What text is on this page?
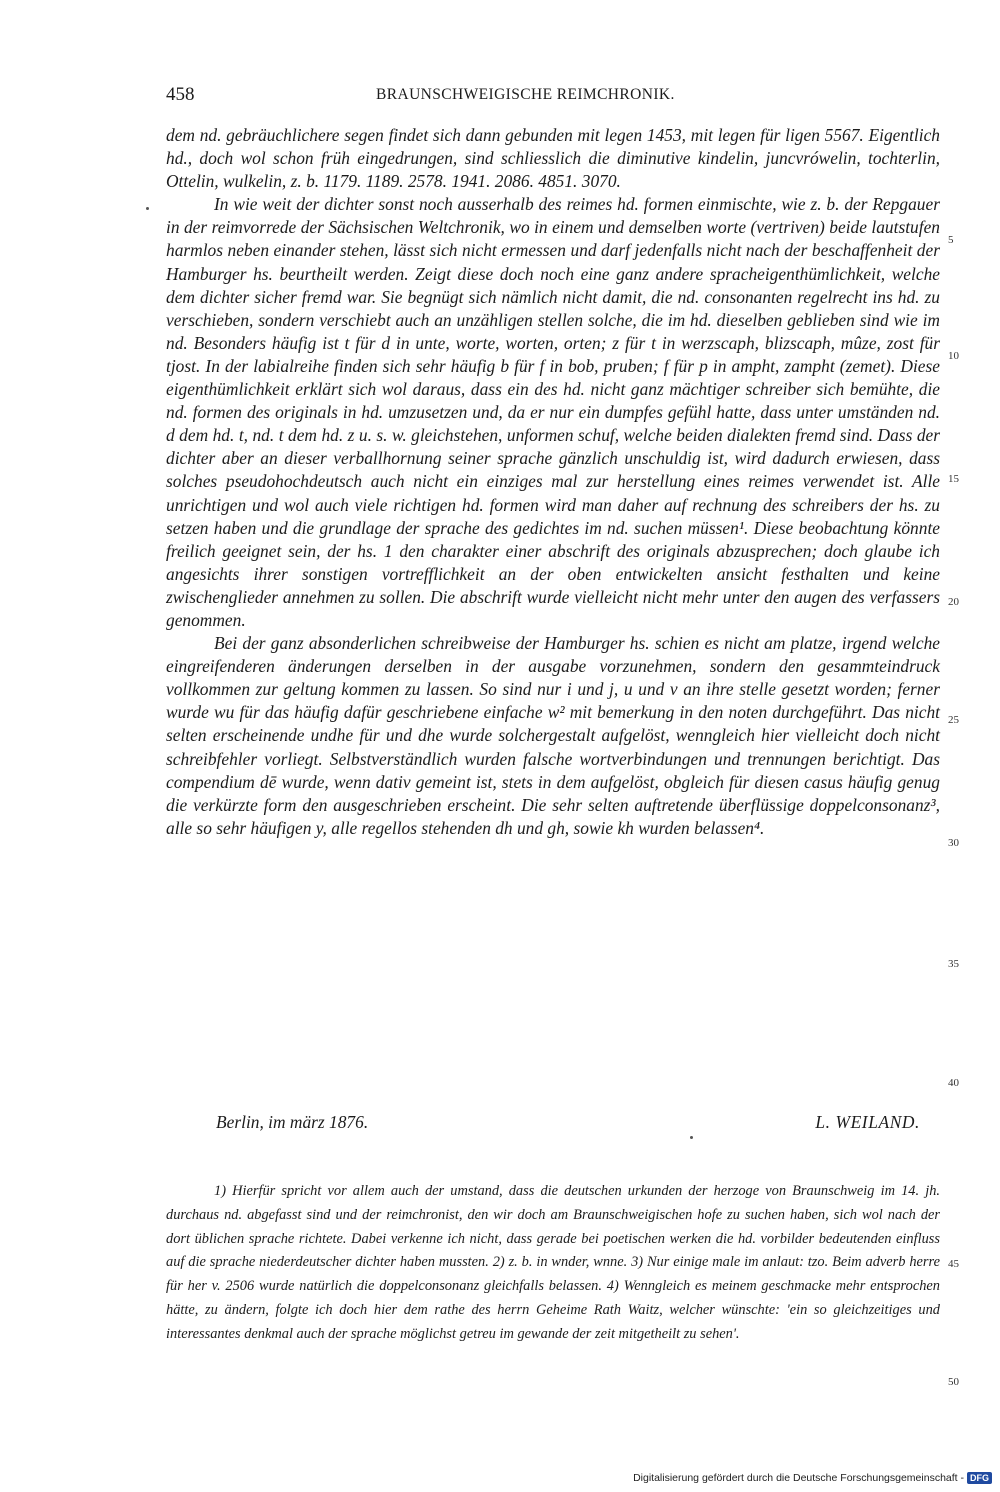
458	BRAUNSCHWEIGISCHE REIMCHRONIK.

dem nd. gebräuchlichere segen findet sich dann gebunden mit legen 1453, mit legen für ligen 5567. Eigentlich hd., doch wol schon früh eingedrungen, sind schliesslich die diminutive kindelin, juncvrówelin, tochterlin, Ottelin, wulkelin, z. b. 1179. 1189. 2578. 1941. 2086. 4851. 3070.

In wie weit der dichter sonst noch ausserhalb des reimes hd. formen einmischte, wie z. b. der Repgauer in der reimvorrede der Sächsischen Weltchronik, wo in einem und demselben worte (vertriven) beide lautstufen harmlos neben einander stehen, lässt sich nicht ermessen und darf jedenfalls nicht nach der beschaffenheit der Hamburger hs. beurtheilt werden. Zeigt diese doch noch eine ganz andere spracheigenthümlichkeit, welche dem dichter sicher fremd war. Sie begnügt sich nämlich nicht damit, die nd. consonanten regelrecht ins hd. zu verschieben, sondern verschiebt auch an unzähligen stellen solche, die im hd. dieselben geblieben sind wie im nd. Besonders häufig ist t für d in unte, worte, worten, orten; z für t in werzscaph, blizscaph, mûze, zost für tjost. In der labialreihe finden sich sehr häufig b für f in bob, pruben; f für p in ampht, zampht (zemet). Diese eigenthümlichkeit erklärt sich wol daraus, dass ein des hd. nicht ganz mächtiger schreiber sich bemühte, die nd. formen des originals in hd. umzusetzen und, da er nur ein dumpfes gefühl hatte, dass unter umständen nd. d dem hd. t, nd. t dem hd. z u. s. w. gleichstehen, unformen schuf, welche beiden dialekten fremd sind. Dass der dichter aber an dieser verballhornung seiner sprache gänzlich unschuldig ist, wird dadurch erwiesen, dass solches pseudohochdeutsch auch nicht ein einziges mal zur herstellung eines reimes verwendet ist. Alle unrichtigen und wol auch viele richtigen hd. formen wird man daher auf rechnung des schreibers der hs. zu setzen haben und die grundlage der sprache des gedichtes im nd. suchen müssen¹. Diese beobachtung könnte freilich geeignet sein, der hs. 1 den charakter einer abschrift des originals abzusprechen; doch glaube ich angesichts ihrer sonstigen vortrefflichkeit an der oben entwickelten ansicht festhalten und keine zwischenglieder annehmen zu sollen. Die abschrift wurde vielleicht nicht mehr unter den augen des verfassers genommen.

Bei der ganz absonderlichen schreibweise der Hamburger hs. schien es nicht am platze, irgend welche eingreifenderen änderungen derselben in der ausgabe vorzunehmen, sondern den gesammteindruck vollkommen zur geltung kommen zu lassen. So sind nur i und j, u und v an ihre stelle gesetzt worden; ferner wurde wu für das häufig dafür geschriebene einfache w² mit bemerkung in den noten durchgeführt. Das nicht selten erscheinende undhe für und dhe wurde solchergestalt aufgelöst, wenngleich hier vielleicht doch nicht schreibfehler vorliegt. Selbstverständlich wurden falsche wortverbindungen und trennungen berichtigt. Das compendium dē wurde, wenn dativ gemeint ist, stets in dem aufgelöst, obgleich für diesen casus häufig genug die verkürzte form den ausgeschrieben erscheint. Die sehr selten auftretende überflüssige doppelconsonanz³, alle so sehr häufigen y, alle regellos stehenden dh und gh, sowie kh wurden belassen⁴.

5
10
15
20
25
30
35
40
45
50
Berlin, im märz 1876.	L. WEILAND.

1) Hierfür spricht vor allem auch der umstand, dass die deutschen urkunden der herzoge von Braunschweig im 14. jh. durchaus nd. abgefasst sind und der reimchronist, den wir doch am Braunschweigischen hofe zu suchen haben, sich wol nach der dort üblichen sprache richtete. Dabei verkenne ich nicht, dass gerade bei poetischen werken die hd. vorbilder bedeutenden einfluss auf die sprache niederdeutscher dichter haben mussten. 2) z. b. in wnder, wnne. 3) Nur einige male im anlaut: tzo. Beim adverb herre für her v. 2506 wurde natürlich die doppelconsonanz gleichfalls belassen. 4) Wenngleich es meinem geschmacke mehr entsprochen hätte, zu ändern, folgte ich doch hier dem rathe des herrn Geheime Rath Waitz, welcher wünschte: 'ein so gleichzeitiges und interessantes denkmal auch der sprache möglichst getreu im gewande der zeit mitgetheilt zu sehen'.

Digitalisierung gefördert durch die Deutsche Forschungsgemeinschaft - DFG
